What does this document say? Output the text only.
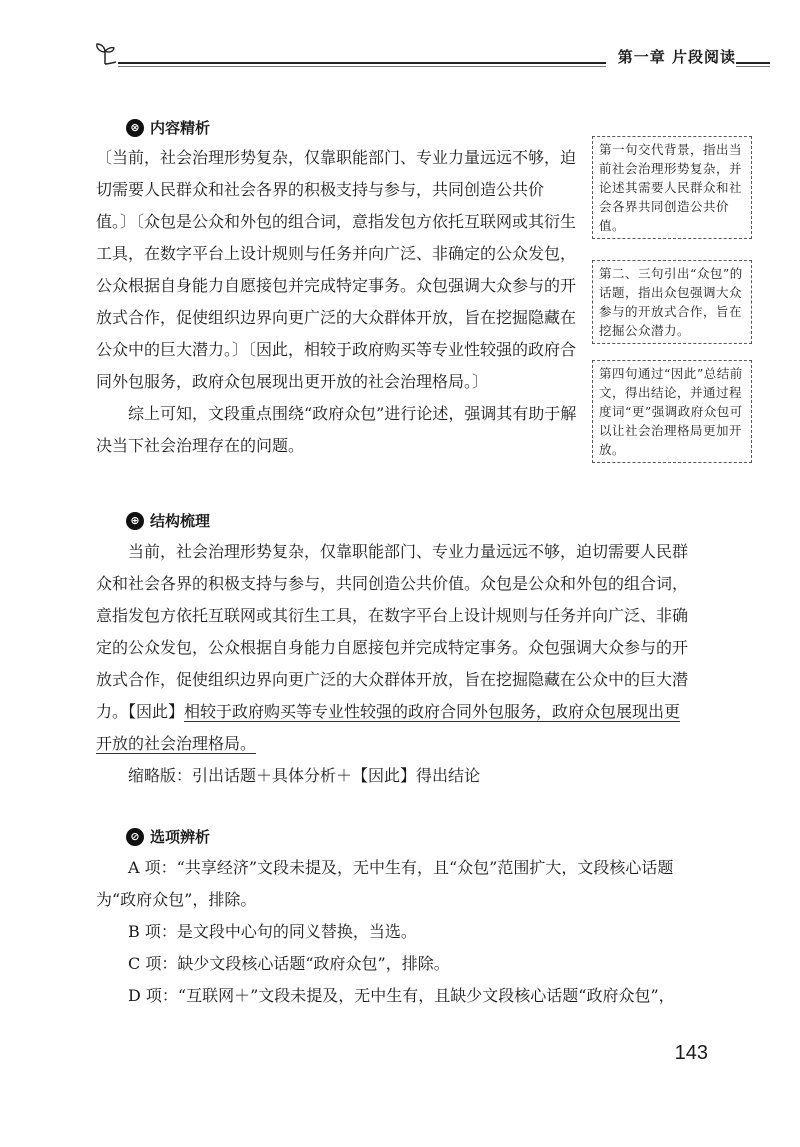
第一章 片段阅读
⊗ 内容精析

〔当前，社会治理形势复杂，仅靠职能部门、专业力量远远不够，迫切需要人民群众和社会各界的积极支持与参与，共同创造公共价值。〕〔众包是公众和外包的组合词，意指发包方依托互联网或其衍生工具，在数字平台上设计规则与任务并向广泛、非确定的公众发包，公众根据自身能力自愿接包并完成特定事务。众包强调大众参与的开放式合作，促使组织边界向更广泛的大众群体开放，旨在挖掘隐藏在公众中的巨大潜力。〕〔因此，相较于政府购买等专业性较强的政府合同外包服务，政府众包展现出更开放的社会治理格局。〕

综上可知，文段重点围绕“政府众包”进行论述，强调其有助于解决当下社会治理存在的问题。

第一句交代背景，指出当前社会治理形势复杂，并论述其需要人民群众和社会各界共同创造公共价值。
第二、三句引出“众包”的话题，指出众包强调大众参与的开放式合作，旨在挖掘公众潜力。
第四句通过“因此”总结前文，得出结论，并通过程度词“更”强调政府众包可以让社会治理格局更加开放。
⊕ 结构梳理

当前，社会治理形势复杂，仅靠职能部门、专业力量远远不够，迫切需要人民群众和社会各界的积极支持与参与，共同创造公共价值。众包是公众和外包的组合词，意指发包方依托互联网或其衍生工具，在数字平台上设计规则与任务并向广泛、非确定的公众发包，公众根据自身能力自愿接包并完成特定事务。众包强调大众参与的开放式合作，促使组织边界向更广泛的大众群体开放，旨在挖掘隐藏在公众中的巨大潜力。【因此】相较于政府购买等专业性较强的政府合同外包服务，政府众包展现出更开放的社会治理格局。

缩略版：引出话题＋具体分析＋【因此】得出结论

⊘ 选项辨析

A 项：“共享经济”文段未提及，无中生有，且“众包”范围扩大，文段核心话题为“政府众包”，排除。

B 项：是文段中心句的同义替换，当选。

C 项：缺少文段核心话题“政府众包”，排除。

D 项：“互联网＋”文段未提及，无中生有，且缺少文段核心话题“政府众包”，

143
